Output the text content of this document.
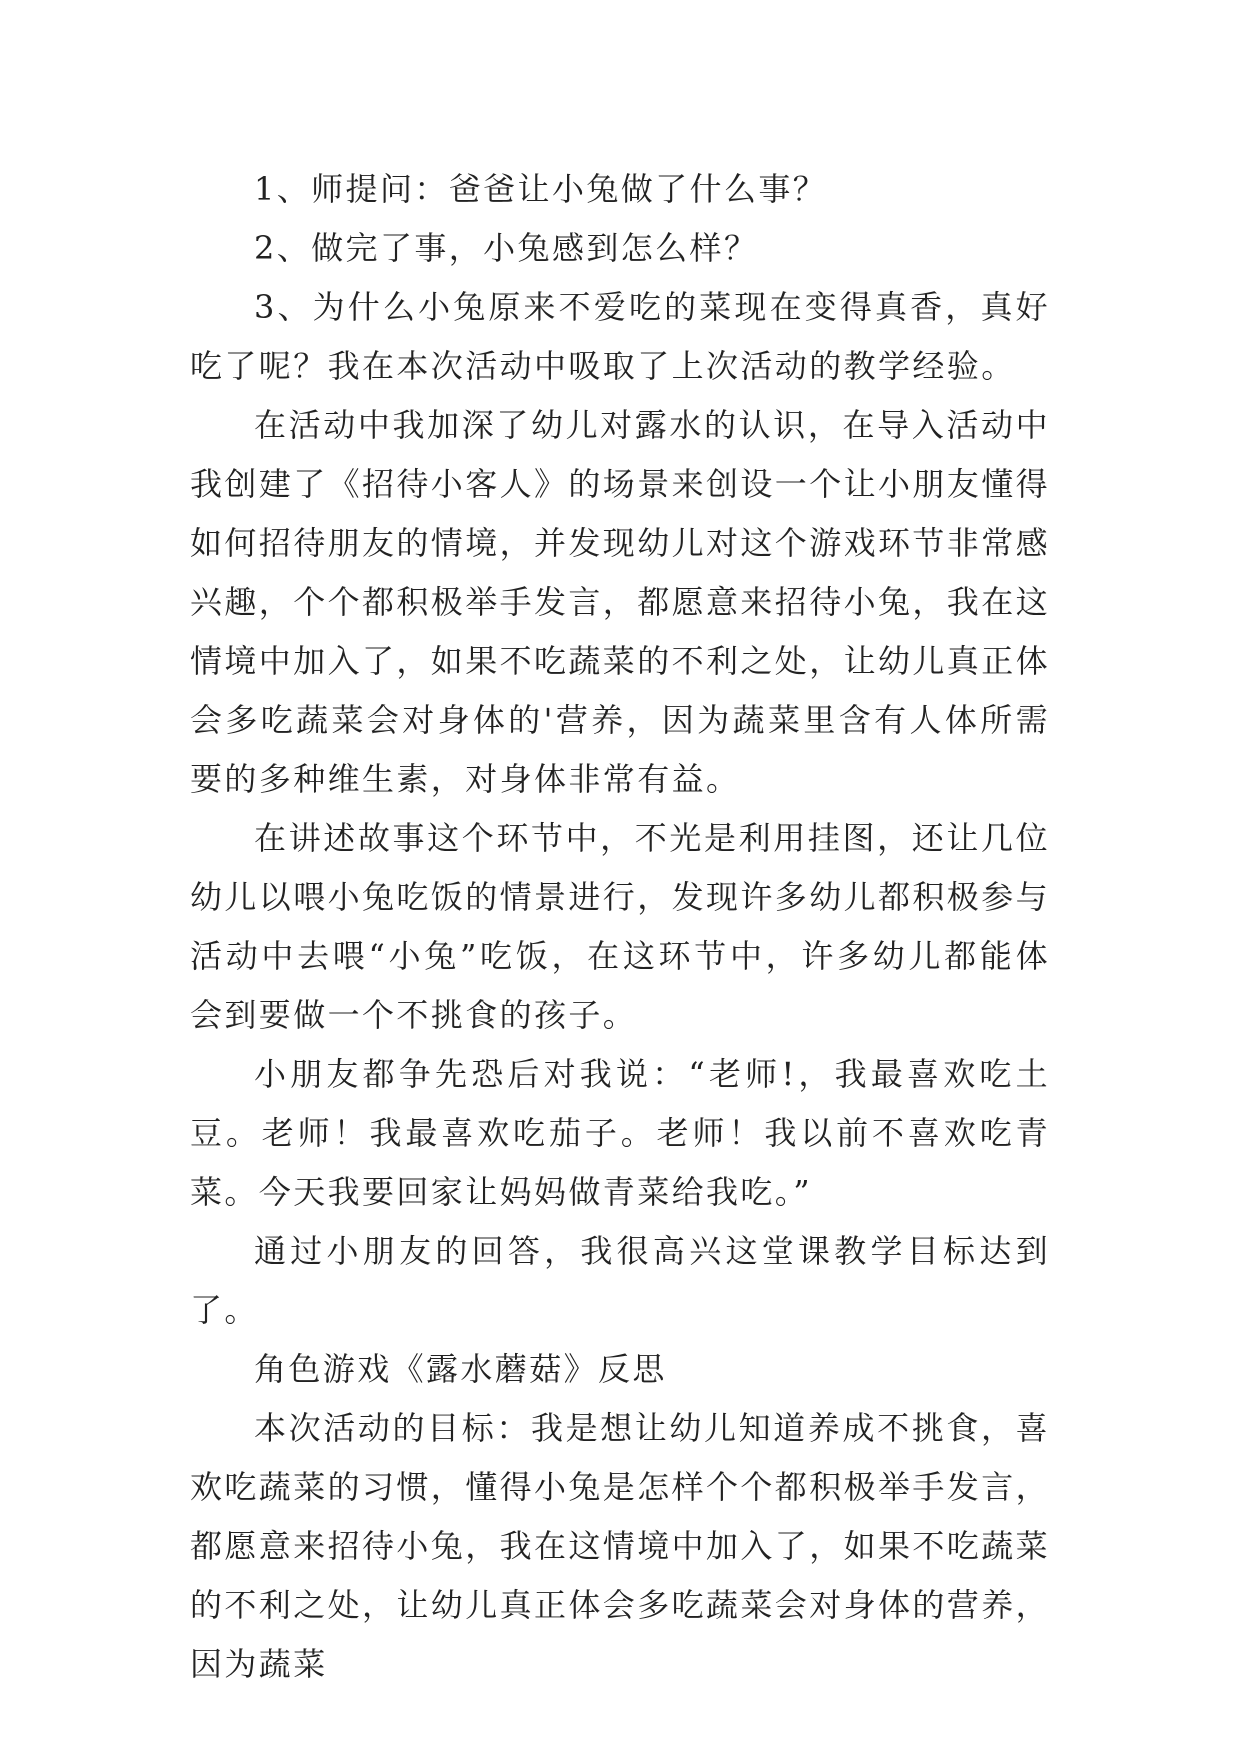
1、师提问：爸爸让小兔做了什么事？

2、做完了事，小兔感到怎么样？

3、为什么小兔原来不爱吃的菜现在变得真香，真好吃了呢？我在本次活动中吸取了上次活动的教学经验。

在活动中我加深了幼儿对露水的认识，在导入活动中我创建了《招待小客人》的场景来创设一个让小朋友懂得如何招待朋友的情境，并发现幼儿对这个游戏环节非常感兴趣，个个都积极举手发言，都愿意来招待小兔，我在这情境中加入了，如果不吃蔬菜的不利之处，让幼儿真正体会多吃蔬菜会对身体的'营养，因为蔬菜里含有人体所需要的多种维生素，对身体非常有益。

在讲述故事这个环节中，不光是利用挂图，还让几位幼儿以喂小兔吃饭的情景进行，发现许多幼儿都积极参与活动中去喂“小兔”吃饭，在这环节中，许多幼儿都能体会到要做一个不挑食的孩子。

小朋友都争先恐后对我说：“老师!，我最喜欢吃土豆。老师！我最喜欢吃茄子。老师！我以前不喜欢吃青菜。今天我要回家让妈妈做青菜给我吃。”

通过小朋友的回答，我很高兴这堂课教学目标达到了。

角色游戏《露水蘑菇》反思

本次活动的目标：我是想让幼儿知道养成不挑食，喜欢吃蔬菜的习惯，懂得小兔是怎样个个都积极举手发言，都愿意来招待小兔，我在这情境中加入了，如果不吃蔬菜的不利之处，让幼儿真正体会多吃蔬菜会对身体的营养，因为蔬菜
